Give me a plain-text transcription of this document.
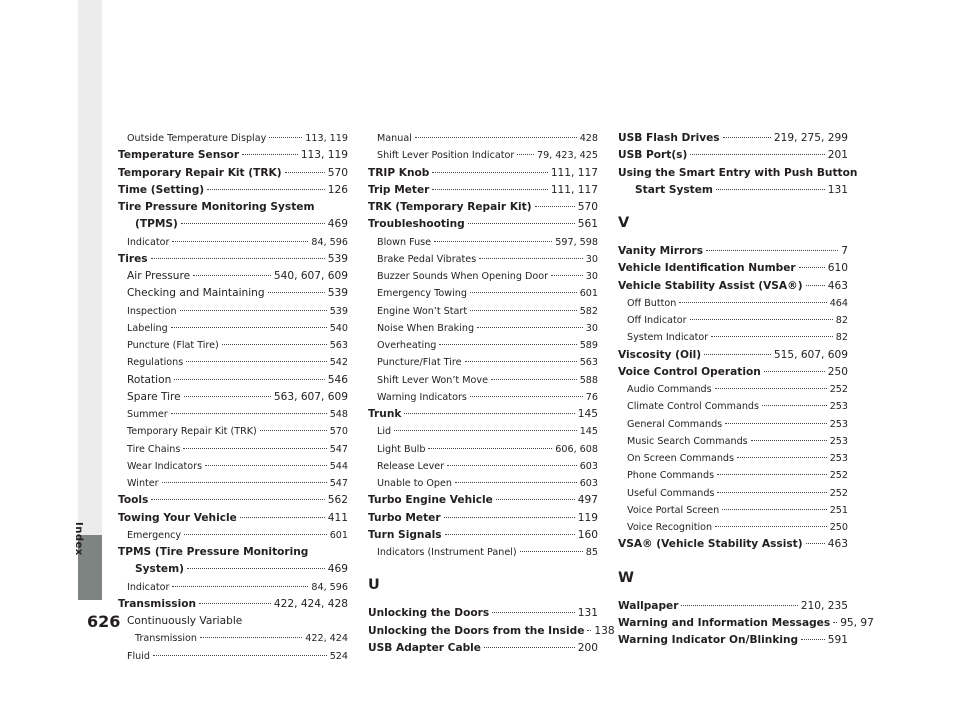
Index
626
Outside Temperature Display	113, 119
Temperature Sensor	113, 119
Temporary Repair Kit (TRK)	570
Time (Setting)	126
Tire Pressure Monitoring System
(TPMS)	469
Indicator	84, 596
Tires	539
Air Pressure	540, 607, 609
Checking and Maintaining	539
Inspection	539
Labeling	540
Puncture (Flat Tire)	563
Regulations	542
Rotation	546
Spare Tire	563, 607, 609
Summer	548
Temporary Repair Kit (TRK)	570
Tire Chains	547
Wear Indicators	544
Winter	547
Tools	562
Towing Your Vehicle	411
Emergency	601
TPMS (Tire Pressure Monitoring
System)	469
Indicator	84, 596
Transmission	422, 424, 428
Continuously Variable
Transmission	422, 424
Fluid	524
Manual	428
Shift Lever Position Indicator 79, 423, 425
TRIP Knob	111, 117
Trip Meter	111, 117
TRK (Temporary Repair Kit)	570
Troubleshooting	561
Blown Fuse	597, 598
Brake Pedal Vibrates	30
Buzzer Sounds When Opening Door	30
Emergency Towing	601
Engine Won’t Start	582
Noise When Braking	30
Overheating	589
Puncture/Flat Tire	563
Shift Lever Won’t Move	588
Warning Indicators	76
Trunk	145
Lid	145
Light Bulb	606, 608
Release Lever	603
Unable to Open	603
Turbo Engine Vehicle	497
Turbo Meter	119
Turn Signals	160
Indicators (Instrument Panel)	85
U
Unlocking the Doors	131
Unlocking the Doors from the Inside 138
USB Adapter Cable	200
USB Flash Drives	219, 275, 299
USB Port(s)	201
Using the Smart Entry with Push Button
Start System	131
V
Vanity Mirrors	7
Vehicle Identification Number	610
Vehicle Stability Assist (VSA®) 463
Off Button	464
Off Indicator	82
System Indicator	82
Viscosity (Oil)	515, 607, 609
Voice Control Operation	250
Audio Commands	252
Climate Control Commands	253
General Commands	253
Music Search Commands	253
On Screen Commands	253
Phone Commands	252
Useful Commands	252
Voice Portal Screen	251
Voice Recognition	250
VSA® (Vehicle Stability Assist) 463
W
Wallpaper	210, 235
Warning and Information Messages 95, 97
Warning Indicator On/Blinking	591
